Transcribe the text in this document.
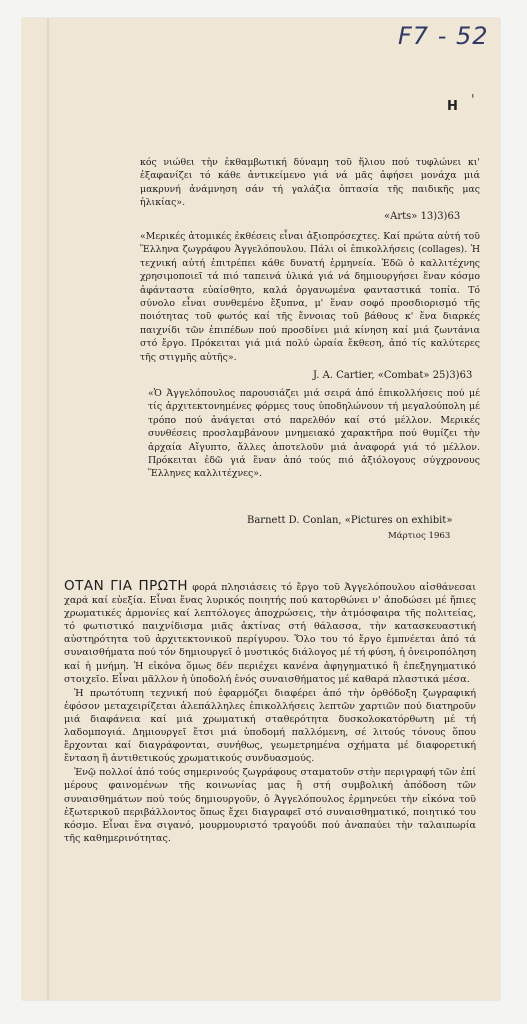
F7 - 52
Η '

κός νιώθει τὴν ἐκθαμβωτική δύναμη τοῦ ἥλιου πού τυφλώνει κι' ἐξαφανίζει τό κάθε ἀντικείμενο γιά νά μᾶς ἀφήσει μονάχα μιά μακρυνή ἀνάμνηση σάν τή γαλάζια ὀπτασία τῆς παιδικῆς μας ἡλικίας».

«Arts» 13)3)63

«Μερικές ἀτομικές ἐκθέσεις εἶναι ἀξιοπρόσεχτες. Καί πρώτα αὐτή τοῦ Ἕλληνα ζωγράφου Ἀγγελόπουλου. Πάλι οἱ ἐπικολλήσεις (collages). Ἡ τεχνική αὐτή ἐπιτρέπει κάθε δυνατή ἑρμηνεία. Ἐδῶ ὁ καλλιτέχνης χρησιμοποιεῖ τά πιό ταπεινά ὑλικά γιά νά δημιουργήσει ἕναν κόσμο ἀφάνταστα εὐαίσθητο, καλά ὀργανωμένα φανταστικά τοπία. Τό σύνολο εἶναι συνθεμένο ἔξυπνα, μ' ἕναν σοφό προσδιορισμό τῆς ποιότητας τοῦ φωτός καί τῆς ἔννοιας τοῦ βάθους κ' ἕνα διαρκές παιχνίδι τῶν ἐπιπέδων πού προσδίνει μιά κίνηση καί μιά ζωντάνια στό ἔργο. Πρόκειται γιά μιά πολύ ὡραία ἔκθεση, ἀπό τίς καλύτερες τῆς στιγμῆς αὐτῆς».

J. A. Cartier, «Combat» 25)3)63

«Ὁ Ἀγγελόπουλος παρουσιάζει μιά σειρά ἀπό ἐπικολλήσεις πού μέ τίς ἀρχιτεκτονημένες φόρμες τους ὑποδηλώνουν τή μεγαλούπολη μέ τρόπο πού ἀνάγεται στό παρελθόν καί στό μέλλον. Μερικές συνθέσεις προσλαμβάνουν μνημειακό χαρακτῆρα πού θυμίζει τὴν ἀρχαία Αἴγυπτο, ἄλλες ἀποτελοῦν μιά ἀναφορά γιά τό μέλλον. Πρόκειται ἐδῶ γιά ἕναν ἀπό τούς πιό ἀξιόλογους σύγχρονους Ἕλληνες καλλιτέχνες».

Barnett D. Conlan, «Pictures on exhibit»
Μάρτιος 1963

ΟΤΑΝ ΓΙΑ ΠΡΩΤΗ φορά πλησιάσεις τό ἔργο τοῦ Ἀγγελόπουλου αἰσθάνεσαι χαρά καί εὐεξία. Εἶναι ἕνας λυρικός ποιητής πού κατορθώνει ν' ἀποδώσει μέ ἤπιες χρωματικές ἁρμονίες καί λεπτόλογες ἀποχρώσεις, τὴν ἀτμόσφαιρα τῆς πολιτείας, τό φωτιστικό παιχνίδισμα μιᾶς ἀκτίνας στή θάλασσα, τὴν κατασκευαστική αὐστηρότητα τοῦ ἀρχιτεκτονικοῦ περίγυρου. Ὅλο του τό ἔργο ἐμπνέεται ἀπό τά συναισθήματα πού τόν δημιουργεῖ ὁ μυστικός διάλογος μέ τή φύση, ἡ ὀνειροπόληση καί ἡ μνήμη. Ἡ εἰκόνα ὅμως δέν περιέχει κανένα ἀφηγηματικό ἢ ἐπεξηγηματικό στοιχεῖο. Εἶναι μᾶλλον ἡ ὑποδολή ἑνός συναισθήματος μέ καθαρά πλαστικά μέσα.

Ἡ πρωτότυπη τεχνική πού ἐφαρμόζει διαφέρει ἀπό τὴν ὀρθόδοξη ζωγραφική ἐφόσον μεταχειρίζεται ἀλεπάλληλες ἐπικολλήσεις λεπτῶν χαρτιῶν πού διατηροῦν μιά διαφάνεια καί μιά χρωματική σταθερότητα δυσκολοκατόρθωτη μέ τή λαδομπογιά. Δημιουργεῖ ἔτσι μιά ὑποδομή παλλόμενη, σέ λιτούς τόνους ὅπου ἔρχονται καί διαγράφονται, συνήθως, γεωμετρημένα σχήματα μέ διαφορετική ἔνταση ἢ ἀντιθετικούς χρωματικούς συνδυασμούς.

Ἐνῷ πολλοί ἀπό τούς σημερινούς ζωγράφους σταματοῦν στὴν περιγραφή τῶν ἐπί μέρους φαινομένων τῆς κοινωνίας μας ἢ στή συμβολική ἀπόδοση τῶν συναισθημάτων πού τούς δημιουργοῦν, ὁ Ἀγγελόπουλος ἑρμηνεύει τὴν εἰκόνα τοῦ ἐξωτερικοῦ περιβάλλοντος ὅπως ἔχει διαγραφεῖ στό συναισθηματικό, ποιητικό του κόσμο. Εἶναι ἕνα σιγανό, μουρμουριστό τραγούδι πού ἀναπαύει τὴν ταλαιπωρία τῆς καθημερινότητας.
